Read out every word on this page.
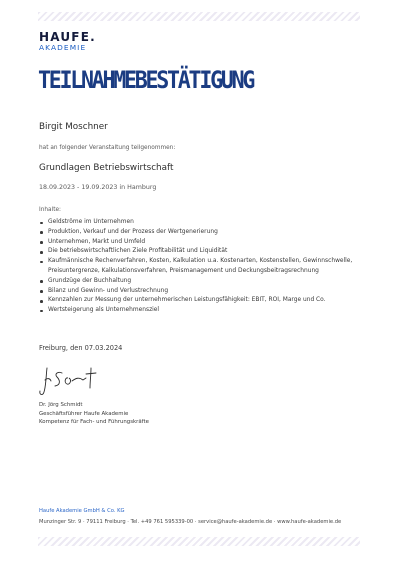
HAUFE.
AKADEMIE
TEILNAHMEBESTÄTIGUNG
Birgit Moschner
hat an folgender Veranstaltung teilgenommen:
Grundlagen Betriebswirtschaft
18.09.2023 - 19.09.2023 in Hamburg
Inhalte:
Geldströme im Unternehmen
Produktion, Verkauf und der Prozess der Wertgenerierung
Unternehmen, Markt und Umfeld
Die betriebswirtschaftlichen Ziele Profitabilität und Liquidität
Kaufmännische Rechenverfahren, Kosten, Kalkulation u.a. Kostenarten, Kostenstellen, Gewinnschwelle, Preisuntergrenze, Kalkulationsverfahren, Preismanagement und Deckungsbeitragsrechnung
Grundzüge der Buchhaltung
Bilanz und Gewinn- und Verlustrechnung
Kennzahlen zur Messung der unternehmerischen Leistungsfähigkeit: EBIT, ROI, Marge und Co.
Wertsteigerung als Unternehmensziel
Freiburg, den 07.03.2024
Dr. Jörg Schmidt
Geschäftsführer Haufe Akademie
Kompetenz für Fach- und Führungskräfte
Haufe Akademie GmbH & Co. KG
Munzinger Str. 9 · 79111 Freiburg · Tel. +49 761 595339-00 · service@haufe-akademie.de · www.haufe-akademie.de
